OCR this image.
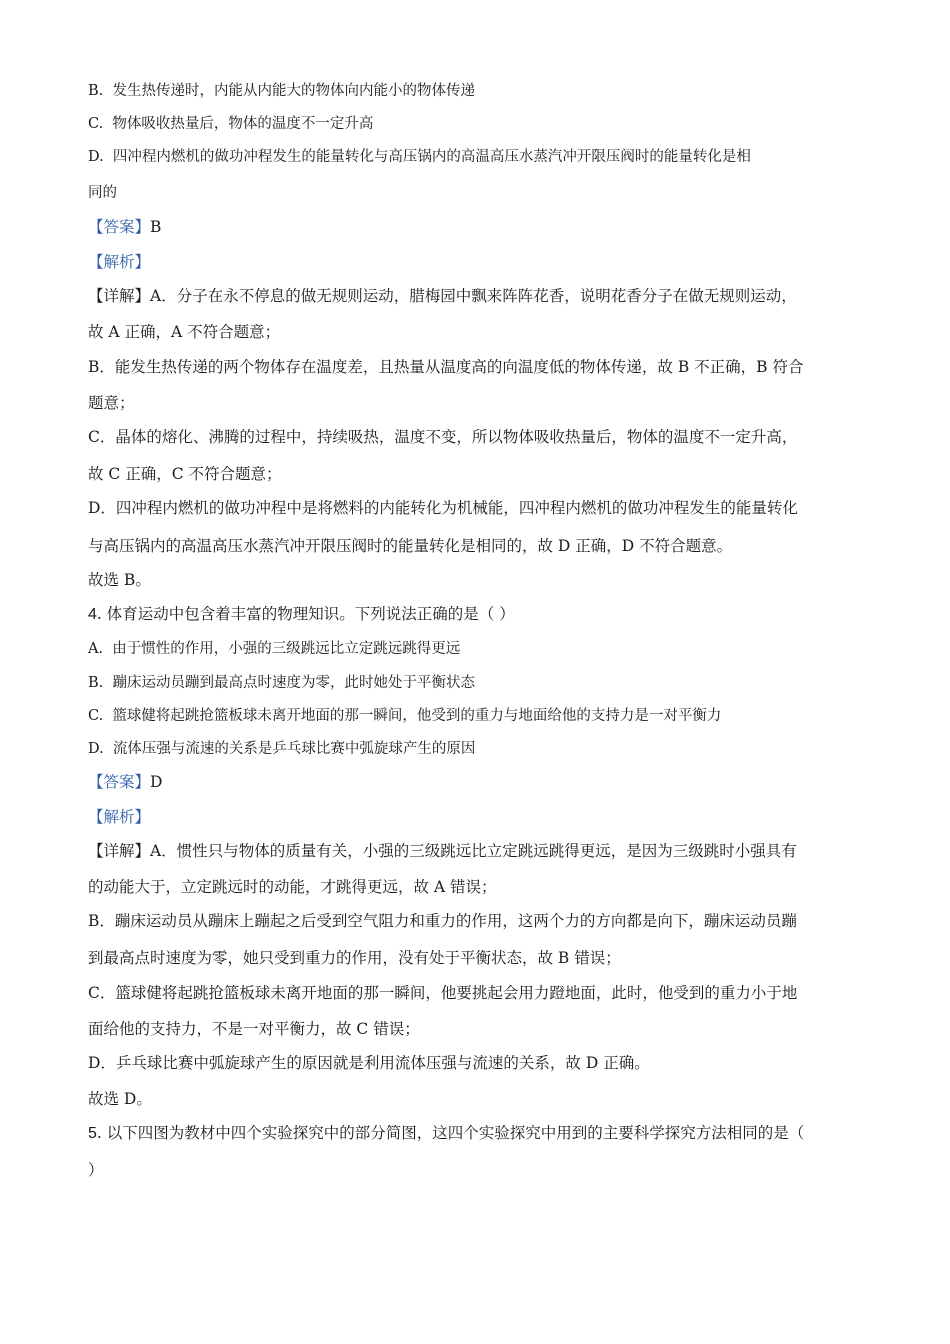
B.  发生热传递时，内能从内能大的物体向内能小的物体传递
C.  物体吸收热量后，物体的温度不一定升高
D.  四冲程内燃机的做功冲程发生的能量转化与高压锅内的高温高压水蒸汽冲开限压阀时的能量转化是相
同的
【答案】B
【解析】
【详解】A．分子在永不停息的做无规则运动，腊梅园中飘来阵阵花香，说明花香分子在做无规则运动，
故 A 正确，A 不符合题意；
B．能发生热传递的两个物体存在温度差，且热量从温度高的向温度低的物体传递，故 B 不正确，B 符合
题意；
C．晶体的熔化、沸腾的过程中，持续吸热，温度不变，所以物体吸收热量后，物体的温度不一定升高，
故 C 正确，C 不符合题意；
D．四冲程内燃机的做功冲程中是将燃料的内能转化为机械能，四冲程内燃机的做功冲程发生的能量转化
与高压锅内的高温高压水蒸汽冲开限压阀时的能量转化是相同的，故 D 正确，D 不符合题意。
故选 B。
4. 体育运动中包含着丰富的物理知识。下列说法正确的是（ ）
A.  由于惯性的作用，小强的三级跳远比立定跳远跳得更远
B.  蹦床运动员蹦到最高点时速度为零，此时她处于平衡状态
C.  篮球健将起跳抢篮板球未离开地面的那一瞬间，他受到的重力与地面给他的支持力是一对平衡力
D.  流体压强与流速的关系是乒乓球比赛中弧旋球产生的原因
【答案】D
【解析】
【详解】A．惯性只与物体的质量有关，小强的三级跳远比立定跳远跳得更远，是因为三级跳时小强具有
的动能大于，立定跳远时的动能，才跳得更远，故 A 错误；
B．蹦床运动员从蹦床上蹦起之后受到空气阻力和重力的作用，这两个力的方向都是向下，蹦床运动员蹦
到最高点时速度为零，她只受到重力的作用，没有处于平衡状态，故 B 错误；
C．篮球健将起跳抢篮板球未离开地面的那一瞬间，他要挑起会用力蹬地面，此时，他受到的重力小于地
面给他的支持力，不是一对平衡力，故 C 错误；
D．乒乓球比赛中弧旋球产生的原因就是利用流体压强与流速的关系，故 D 正确。
故选 D。
5. 以下四图为教材中四个实验探究中的部分简图，这四个实验探究中用到的主要科学探究方法相同的是（
）
